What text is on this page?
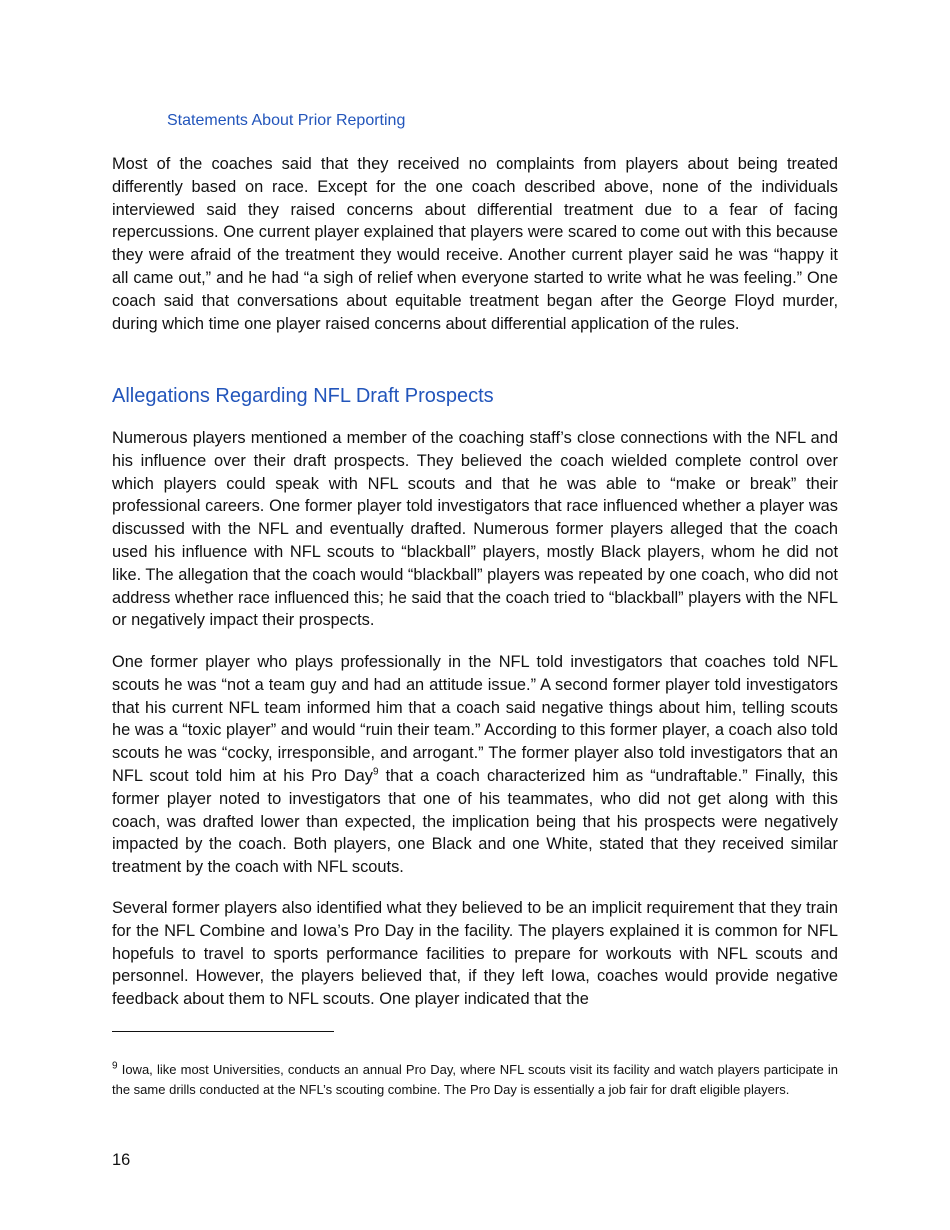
Statements About Prior Reporting

Most of the coaches said that they received no complaints from players about being treated differently based on race. Except for the one coach described above, none of the individuals interviewed said they raised concerns about differential treatment due to a fear of facing repercussions. One current player explained that players were scared to come out with this because they were afraid of the treatment they would receive. Another current player said he was “happy it all came out,” and he had “a sigh of relief when everyone started to write what he was feeling.” One coach said that conversations about equitable treatment began after the George Floyd murder, during which time one player raised concerns about differential application of the rules.

Allegations Regarding NFL Draft Prospects

Numerous players mentioned a member of the coaching staff’s close connections with the NFL and his influence over their draft prospects. They believed the coach wielded complete control over which players could speak with NFL scouts and that he was able to “make or break” their professional careers. One former player told investigators that race influenced whether a player was discussed with the NFL and eventually drafted. Numerous former players alleged that the coach used his influence with NFL scouts to “blackball” players, mostly Black players, whom he did not like. The allegation that the coach would “blackball” players was repeated by one coach, who did not address whether race influenced this; he said that the coach tried to “blackball” players with the NFL or negatively impact their prospects.

One former player who plays professionally in the NFL told investigators that coaches told NFL scouts he was “not a team guy and had an attitude issue.” A second former player told investigators that his current NFL team informed him that a coach said negative things about him, telling scouts he was a “toxic player” and would “ruin their team.” According to this former player, a coach also told scouts he was “cocky, irresponsible, and arrogant.” The former player also told investigators that an NFL scout told him at his Pro Day$^9$ that a coach characterized him as “undraftable.” Finally, this former player noted to investigators that one of his teammates, who did not get along with this coach, was drafted lower than expected, the implication being that his prospects were negatively impacted by the coach. Both players, one Black and one White, stated that they received similar treatment by the coach with NFL scouts.

Several former players also identified what they believed to be an implicit requirement that they train for the NFL Combine and Iowa’s Pro Day in the facility. The players explained it is common for NFL hopefuls to travel to sports performance facilities to prepare for workouts with NFL scouts and personnel. However, the players believed that, if they left Iowa, coaches would provide negative feedback about them to NFL scouts. One player indicated that the

$^9$ Iowa, like most Universities, conducts an annual Pro Day, where NFL scouts visit its facility and watch players participate in the same drills conducted at the NFL’s scouting combine. The Pro Day is essentially a job fair for draft eligible players.

16
